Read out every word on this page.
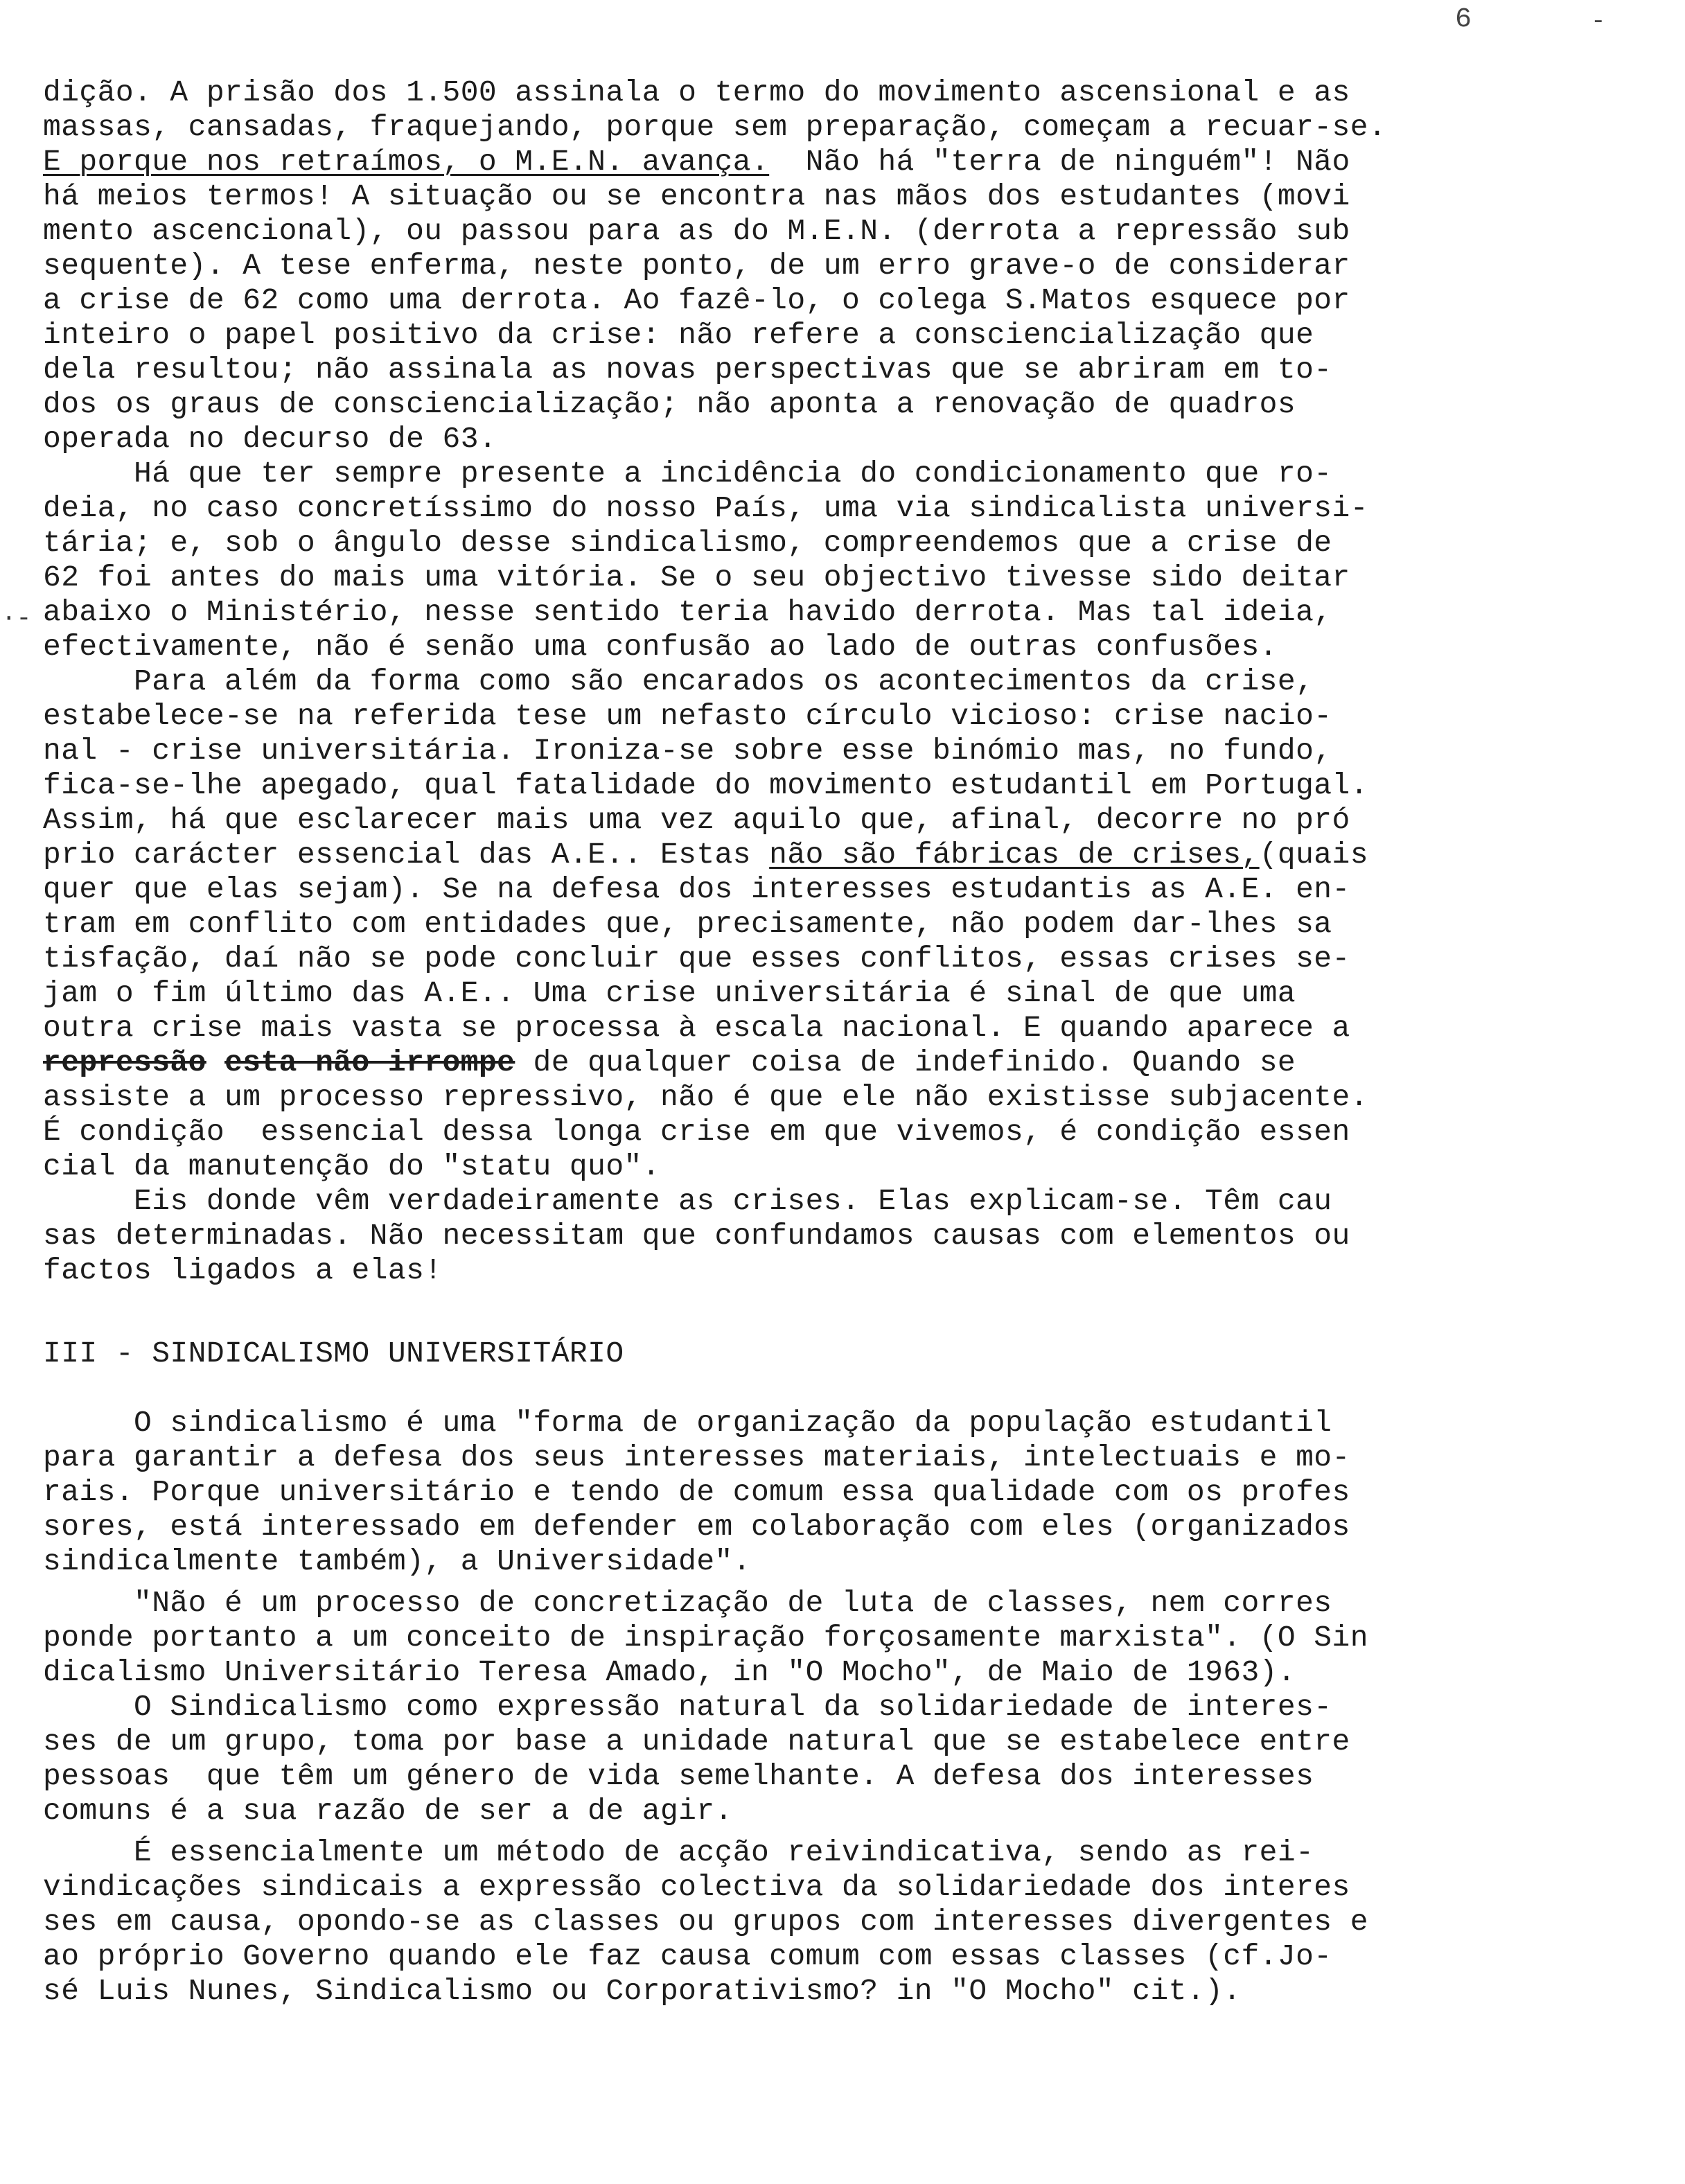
6	-
·-
dição. A prisão dos 1.500 assinala o termo do movimento ascensional e as
massas, cansadas, fraquejando, porque sem preparação, começam a recuar-se.
E porque nos retraímos, o M.E.N. avança. Não há "terra de ninguém"! Não
há meios termos! A situação ou se encontra nas mãos dos estudantes (movi
mento ascencional), ou passou para as do M.E.N. (derrota a repressão sub
sequente). A tese enferma, neste ponto, de um erro grave-o de considerar
a crise de 62 como uma derrota. Ao fazê-lo, o colega S.Matos esquece por
inteiro o papel positivo da crise: não refere a consciencialização que
dela resultou; não assinala as novas perspectivas que se abriram em to-
dos os graus de consciencialização; não aponta a renovação de quadros
operada no decurso de 63.
Há que ter sempre presente a incidência do condicionamento que ro-
deia, no caso concretíssimo do nosso País, uma via sindicalista universi-
tária; e, sob o ângulo desse sindicalismo, compreendemos que a crise de
62 foi antes do mais uma vitória. Se o seu objectivo tivesse sido deitar
abaixo o Ministério, nesse sentido teria havido derrota. Mas tal ideia,
efectivamente, não é senão uma confusão ao lado de outras confusões.
Para além da forma como são encarados os acontecimentos da crise,
estabelece-se na referida tese um nefasto círculo vicioso: crise nacio-
nal - crise universitária. Ironiza-se sobre esse binómio mas, no fundo,
fica-se-lhe apegado, qual fatalidade do movimento estudantil em Portugal.
Assim, há que esclarecer mais uma vez aquilo que, afinal, decorre no pró
prio carácter essencial das A.E.. Estas não são fábricas de crises,(quais
quer que elas sejam). Se na defesa dos interesses estudantis as A.E. en-
tram em conflito com entidades que, precisamente, não podem dar-lhes sa
tisfação, daí não se pode concluir que esses conflitos, essas crises se-
jam o fim último das A.E.. Uma crise universitária é sinal de que uma
outra crise mais vasta se processa à escala nacional. E quando aparece a
repressão esta não irrompe de qualquer coisa de indefinido. Quando se
assiste a um processo repressivo, não é que ele não existisse subjacente.
É condição  essencial dessa longa crise em que vivemos, é condição essen
cial da manutenção do "statu quo".
Eis donde vêm verdadeiramente as crises. Elas explicam-se. Têm cau
sas determinadas. Não necessitam que confundamos causas com elementos ou
factos ligados a elas!
III - SINDICALISMO UNIVERSITÁRIO
O sindicalismo é uma "forma de organização da população estudantil
para garantir a defesa dos seus interesses materiais, intelectuais e mo-
rais. Porque universitário e tendo de comum essa qualidade com os profes
sores, está interessado em defender em colaboração com eles (organizados
sindicalmente também), a Universidade".
"Não é um processo de concretização de luta de classes, nem corres
ponde portanto a um conceito de inspiração forçosamente marxista". (O Sin
dicalismo Universitário Teresa Amado, in "O Mocho", de Maio de 1963).
O Sindicalismo como expressão natural da solidariedade de interes-
ses de um grupo, toma por base a unidade natural que se estabelece entre
pessoas  que têm um género de vida semelhante. A defesa dos interesses
comuns é a sua razão de ser a de agir.
É essencialmente um método de acção reivindicativa, sendo as rei-
vindicações sindicais a expressão colectiva da solidariedade dos interes
ses em causa, opondo-se as classes ou grupos com interesses divergentes e
ao próprio Governo quando ele faz causa comum com essas classes (cf.Jo-
sé Luis Nunes, Sindicalismo ou Corporativismo? in "O Mocho" cit.).
